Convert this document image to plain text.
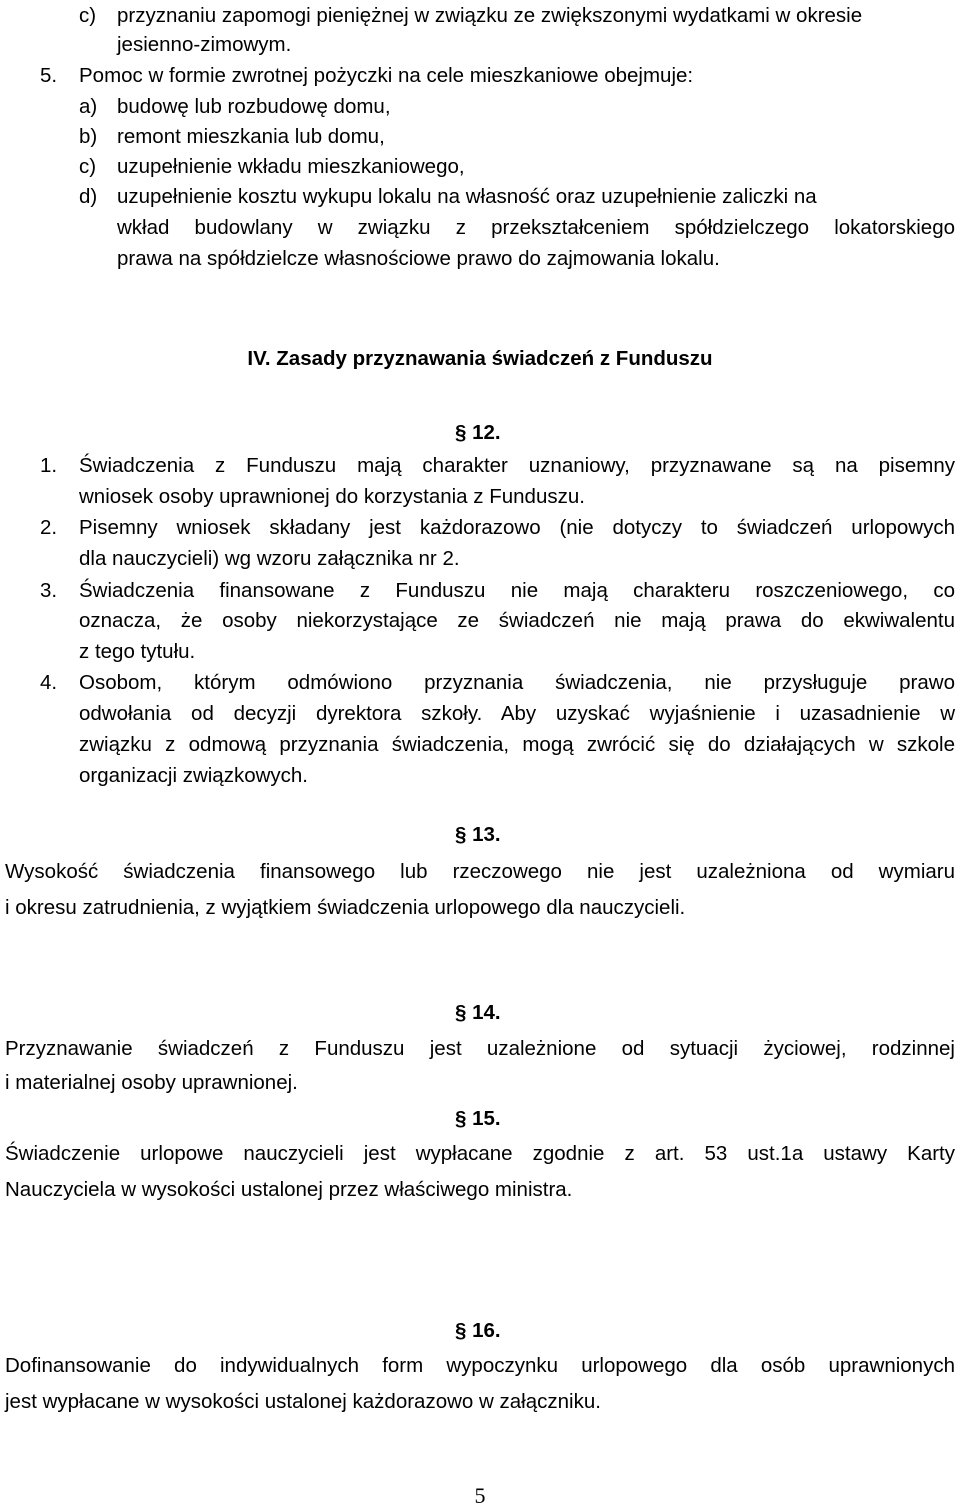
c) przyznaniu zapomogi pieniężnej w związku ze zwiększonymi wydatkami w okresie
jesienno-zimowym.
5. Pomoc w formie zwrotnej pożyczki na cele mieszkaniowe obejmuje:
a) budowę lub rozbudowę domu,
b) remont mieszkania lub domu,
c) uzupełnienie wkładu mieszkaniowego,
d) uzupełnienie kosztu wykupu lokalu na własność oraz uzupełnienie zaliczki na
wkład budowlany w związku z przekształceniem spółdzielczego lokatorskiego
prawa na spółdzielcze własnościowe prawo do zajmowania lokalu.
IV. Zasady przyznawania świadczeń z Funduszu
§ 12.
1. Świadczenia z Funduszu mają charakter uznaniowy, przyznawane są na pisemny
wniosek osoby uprawnionej do korzystania z Funduszu.
2. Pisemny wniosek składany jest każdorazowo (nie dotyczy to świadczeń urlopowych
dla nauczycieli) wg wzoru załącznika nr 2.
3. Świadczenia finansowane z Funduszu nie mają charakteru roszczeniowego, co
oznacza, że osoby niekorzystające ze świadczeń nie mają prawa do ekwiwalentu
z tego tytułu.
4. Osobom, którym odmówiono przyznania świadczenia, nie przysługuje prawo
odwołania od decyzji dyrektora szkoły. Aby uzyskać wyjaśnienie i uzasadnienie w
związku z odmową przyznania świadczenia, mogą zwrócić się do działających w szkole
organizacji związkowych.
§ 13.
Wysokość świadczenia finansowego lub rzeczowego nie jest uzależniona od wymiaru
i okresu zatrudnienia, z wyjątkiem świadczenia urlopowego dla nauczycieli.
§ 14.
Przyznawanie świadczeń z Funduszu jest uzależnione od sytuacji życiowej, rodzinnej
i materialnej osoby uprawnionej.
§ 15.
Świadczenie urlopowe nauczycieli jest wypłacane zgodnie z art. 53 ust.1a ustawy Karty
Nauczyciela w wysokości ustalonej przez właściwego ministra.
§ 16.
Dofinansowanie do indywidualnych form wypoczynku urlopowego dla osób uprawnionych
jest wypłacane w wysokości ustalonej każdorazowo w załączniku.
5
